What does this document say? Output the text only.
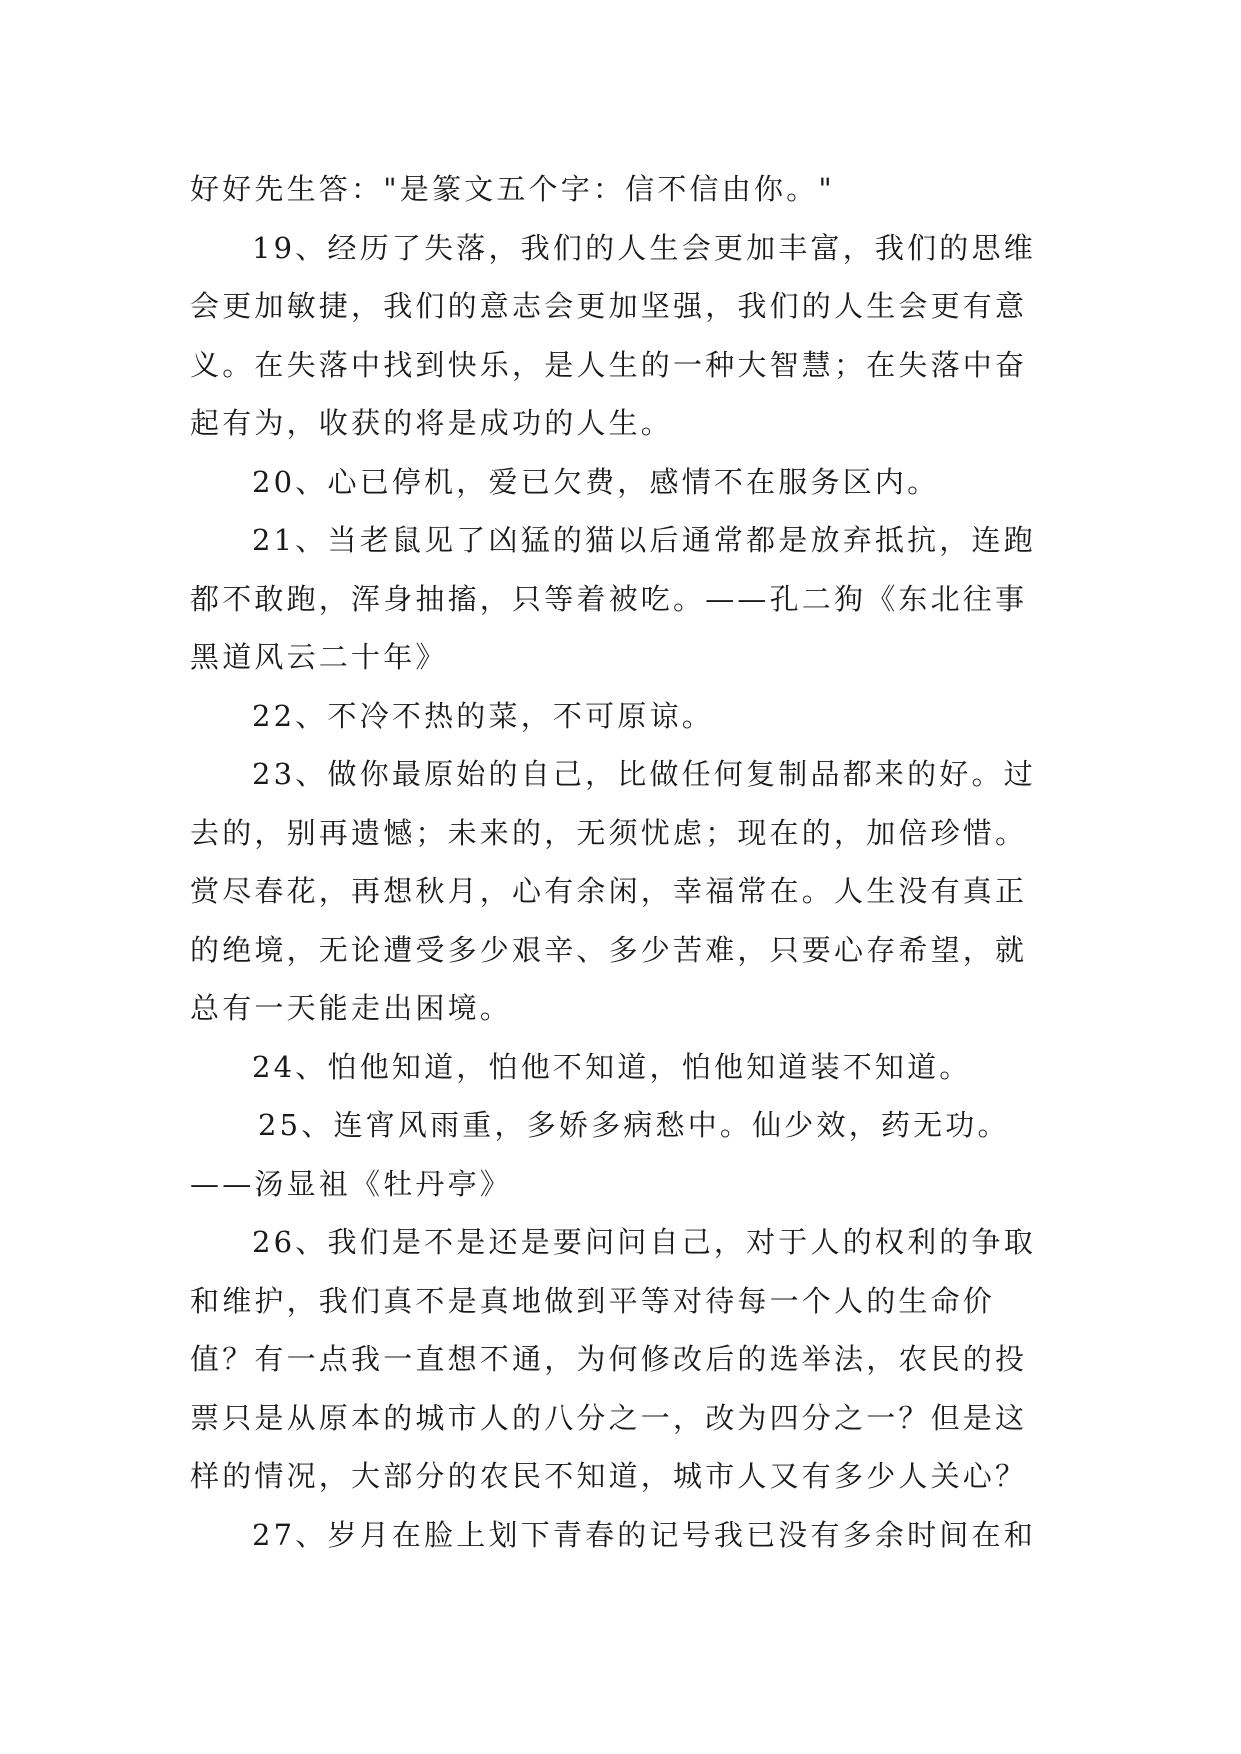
好好先生答："是篆文五个字：信不信由你。"

19、经历了失落，我们的人生会更加丰富，我们的思维
会更加敏捷，我们的意志会更加坚强，我们的人生会更有意
义。在失落中找到快乐，是人生的一种大智慧；在失落中奋
起有为，收获的将是成功的人生。

20、心已停机，爱已欠费，感情不在服务区内。

21、当老鼠见了凶猛的猫以后通常都是放弃抵抗，连跑
都不敢跑，浑身抽搐，只等着被吃。——孔二狗《东北往事
黑道风云二十年》

22、不冷不热的菜，不可原谅。

23、做你最原始的自己，比做任何复制品都来的好。过
去的，别再遗憾；未来的，无须忧虑；现在的，加倍珍惜。
赏尽春花，再想秋月，心有余闲，幸福常在。人生没有真正
的绝境，无论遭受多少艰辛、多少苦难，只要心存希望，就
总有一天能走出困境。

24、怕他知道，怕他不知道，怕他知道装不知道。

25、连宵风雨重，多娇多病愁中。仙少效，药无功。
——汤显祖《牡丹亭》

26、我们是不是还是要问问自己，对于人的权利的争取
和维护，我们真不是真地做到平等对待每一个人的生命价
值？有一点我一直想不通，为何修改后的选举法，农民的投
票只是从原本的城市人的八分之一，改为四分之一？但是这
样的情况，大部分的农民不知道，城市人又有多少人关心？

27、岁月在脸上划下青春的记号我已没有多余时间在和
